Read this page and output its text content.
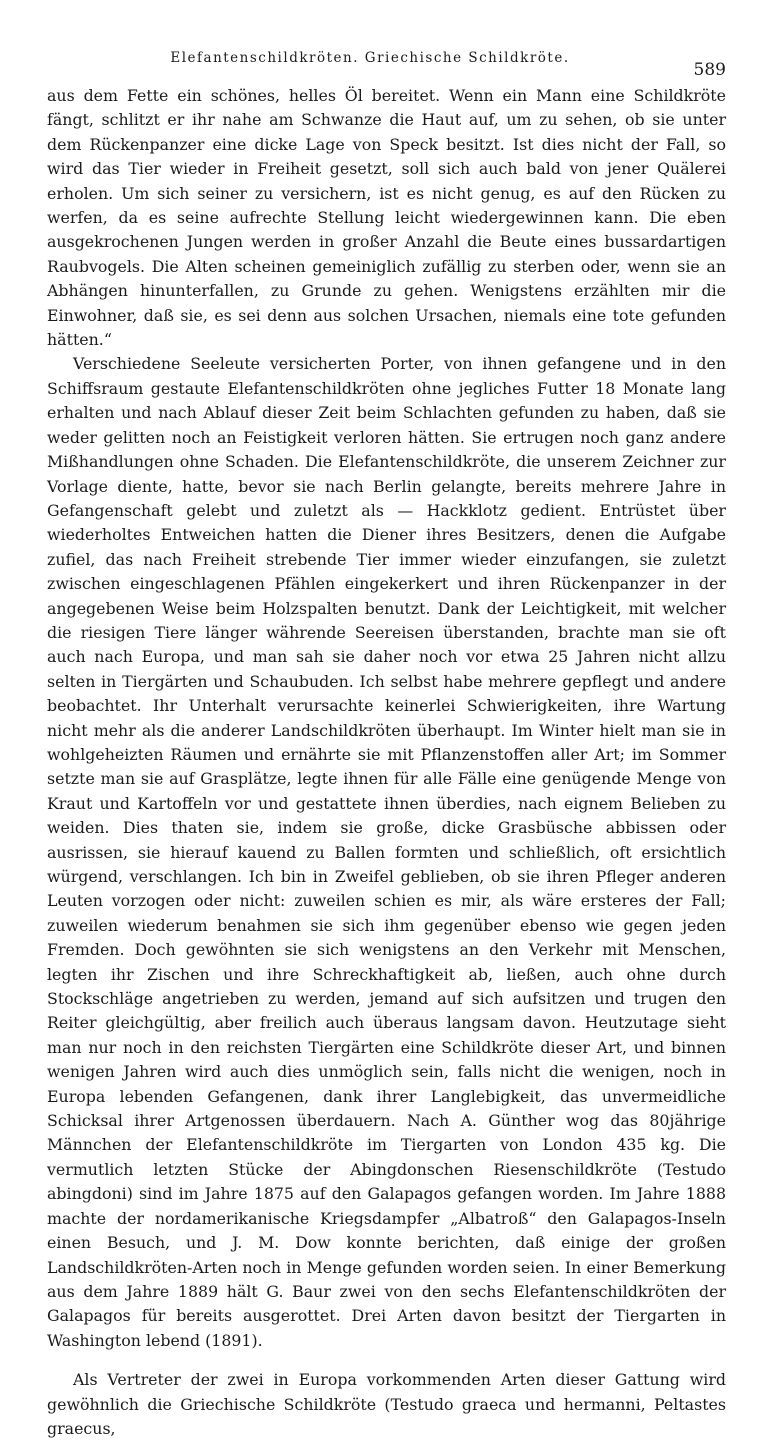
Elefantenschildkröten. Griechische Schildkröte.
589

aus dem Fette ein schönes, helles Öl bereitet. Wenn ein Mann eine Schildkröte fängt, schlitzt er ihr nahe am Schwanze die Haut auf, um zu sehen, ob sie unter dem Rückenpanzer eine dicke Lage von Speck besitzt. Ist dies nicht der Fall, so wird das Tier wieder in Freiheit gesetzt, soll sich auch bald von jener Quälerei erholen. Um sich seiner zu versichern, ist es nicht genug, es auf den Rücken zu werfen, da es seine aufrechte Stellung leicht wiedergewinnen kann. Die eben ausgekrochenen Jungen werden in großer Anzahl die Beute eines bussardartigen Raubvogels. Die Alten scheinen gemeiniglich zufällig zu sterben oder, wenn sie an Abhängen hinunterfallen, zu Grunde zu gehen. Wenigstens erzählten mir die Einwohner, daß sie, es sei denn aus solchen Ursachen, niemals eine tote gefunden hätten.“

Verschiedene Seeleute versicherten Porter, von ihnen gefangene und in den Schiffsraum gestaute Elefantenschildkröten ohne jegliches Futter 18 Monate lang erhalten und nach Ablauf dieser Zeit beim Schlachten gefunden zu haben, daß sie weder gelitten noch an Feistigkeit verloren hätten. Sie ertrugen noch ganz andere Mißhandlungen ohne Schaden. Die Elefantenschildkröte, die unserem Zeichner zur Vorlage diente, hatte, bevor sie nach Berlin gelangte, bereits mehrere Jahre in Gefangenschaft gelebt und zuletzt als — Hackklotz gedient. Entrüstet über wiederholtes Entweichen hatten die Diener ihres Besitzers, denen die Aufgabe zufiel, das nach Freiheit strebende Tier immer wieder einzufangen, sie zuletzt zwischen eingeschlagenen Pfählen eingekerkert und ihren Rückenpanzer in der angegebenen Weise beim Holzspalten benutzt. Dank der Leichtigkeit, mit welcher die riesigen Tiere länger währende Seereisen überstanden, brachte man sie oft auch nach Europa, und man sah sie daher noch vor etwa 25 Jahren nicht allzu selten in Tiergärten und Schaubuden. Ich selbst habe mehrere gepflegt und andere beobachtet. Ihr Unterhalt verursachte keinerlei Schwierigkeiten, ihre Wartung nicht mehr als die anderer Landschildkröten überhaupt. Im Winter hielt man sie in wohlgeheizten Räumen und ernährte sie mit Pflanzenstoffen aller Art; im Sommer setzte man sie auf Grasplätze, legte ihnen für alle Fälle eine genügende Menge von Kraut und Kartoffeln vor und gestattete ihnen überdies, nach eignem Belieben zu weiden. Dies thaten sie, indem sie große, dicke Grasbüsche abbissen oder ausrissen, sie hierauf kauend zu Ballen formten und schließlich, oft ersichtlich würgend, verschlangen. Ich bin in Zweifel geblieben, ob sie ihren Pfleger anderen Leuten vorzogen oder nicht: zuweilen schien es mir, als wäre ersteres der Fall; zuweilen wiederum benahmen sie sich ihm gegenüber ebenso wie gegen jeden Fremden. Doch gewöhnten sie sich wenigstens an den Verkehr mit Menschen, legten ihr Zischen und ihre Schreckhaftigkeit ab, ließen, auch ohne durch Stockschläge angetrieben zu werden, jemand auf sich aufsitzen und trugen den Reiter gleichgültig, aber freilich auch überaus langsam davon. Heutzutage sieht man nur noch in den reichsten Tiergärten eine Schildkröte dieser Art, und binnen wenigen Jahren wird auch dies unmöglich sein, falls nicht die wenigen, noch in Europa lebenden Gefangenen, dank ihrer Langlebigkeit, das unvermeidliche Schicksal ihrer Artgenossen überdauern. Nach A. Günther wog das 80jährige Männchen der Elefantenschildkröte im Tiergarten von London 435 kg. Die vermutlich letzten Stücke der Abingdonschen Riesenschildkröte (Testudo abingdoni) sind im Jahre 1875 auf den Galapagos gefangen worden. Im Jahre 1888 machte der nordamerikanische Kriegsdampfer „Albatroß“ den Galapagos-Inseln einen Besuch, und J. M. Dow konnte berichten, daß einige der großen Landschildkröten-Arten noch in Menge gefunden worden seien. In einer Bemerkung aus dem Jahre 1889 hält G. Baur zwei von den sechs Elefantenschildkröten der Galapagos für bereits ausgerottet. Drei Arten davon besitzt der Tiergarten in Washington lebend (1891).

Als Vertreter der zwei in Europa vorkommenden Arten dieser Gattung wird gewöhnlich die Griechische Schildkröte (Testudo graeca und hermanni, Peltastes graecus,
